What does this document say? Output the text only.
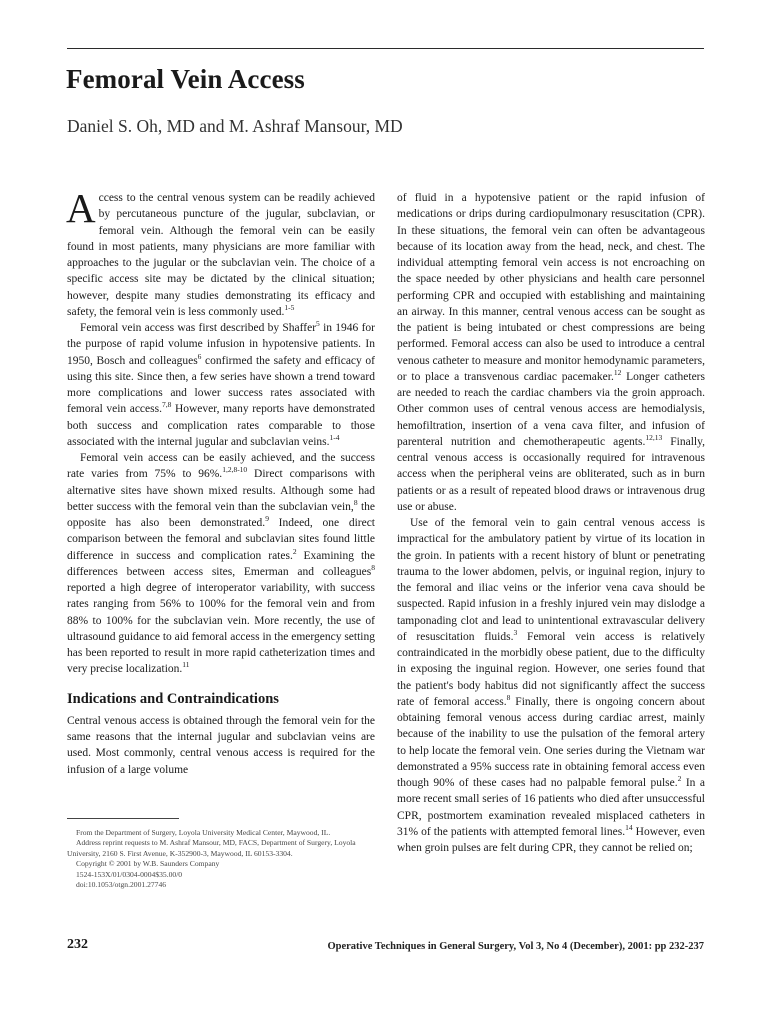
Femoral Vein Access
Daniel S. Oh, MD and M. Ashraf Mansour, MD

Access to the central venous system can be readily achieved by percutaneous puncture of the jugular, subclavian, or femoral vein. Although the femoral vein can be easily found in most patients, many physicians are more familiar with approaches to the jugular or the subclavian vein. The choice of a specific access site may be dictated by the clinical situation; however, despite many studies demonstrating its efficacy and safety, the femoral vein is less commonly used.$^{1-5}$

Femoral vein access was first described by Shaffer$^5$ in 1946 for the purpose of rapid volume infusion in hypotensive patients. In 1950, Bosch and colleagues$^6$ confirmed the safety and efficacy of using this site. Since then, a few series have shown a trend toward more complications and lower success rates associated with femoral vein access.$^{7,8}$ However, many reports have demonstrated both success and complication rates comparable to those associated with the internal jugular and subclavian veins.$^{1-4}$

Femoral vein access can be easily achieved, and the success rate varies from 75% to 96%.$^{1,2,8-10}$ Direct comparisons with alternative sites have shown mixed results. Although some had better success with the femoral vein than the subclavian vein,$^8$ the opposite has also been demonstrated.$^9$ Indeed, one direct comparison between the femoral and subclavian sites found little difference in success and complication rates.$^2$ Examining the differences between access sites, Emerman and colleagues$^8$ reported a high degree of interoperator variability, with success rates ranging from 56% to 100% for the femoral vein and from 88% to 100% for the subclavian vein. More recently, the use of ultrasound guidance to aid femoral access in the emergency setting has been reported to result in more rapid catheterization times and very precise localization.$^{11}$

Indications and Contraindications

Central venous access is obtained through the femoral vein for the same reasons that the internal jugular and subclavian veins are used. Most commonly, central venous access is required for the infusion of a large volume

of fluid in a hypotensive patient or the rapid infusion of medications or drips during cardiopulmonary resuscitation (CPR). In these situations, the femoral vein can often be advantageous because of its location away from the head, neck, and chest. The individual attempting femoral vein access is not encroaching on the space needed by other physicians and health care personnel performing CPR and occupied with establishing and maintaining an airway. In this manner, central venous access can be sought as the patient is being intubated or chest compressions are being performed. Femoral access can also be used to introduce a central venous catheter to measure and monitor hemodynamic parameters, or to place a transvenous cardiac pacemaker.$^{12}$ Longer catheters are needed to reach the cardiac chambers via the groin approach. Other common uses of central venous access are hemodialysis, hemofiltration, insertion of a vena cava filter, and infusion of parenteral nutrition and chemotherapeutic agents.$^{12,13}$ Finally, central venous access is occasionally required for intravenous access when the peripheral veins are obliterated, such as in burn patients or as a result of repeated blood draws or intravenous drug use or abuse.

Use of the femoral vein to gain central venous access is impractical for the ambulatory patient by virtue of its location in the groin. In patients with a recent history of blunt or penetrating trauma to the lower abdomen, pelvis, or inguinal region, injury to the femoral and iliac veins or the inferior vena cava should be suspected. Rapid infusion in a freshly injured vein may dislodge a tamponading clot and lead to unintentional extravascular delivery of resuscitation fluids.$^3$ Femoral vein access is relatively contraindicated in the morbidly obese patient, due to the difficulty in exposing the inguinal region. However, one series found that the patient's body habitus did not significantly affect the success rate of femoral access.$^8$ Finally, there is ongoing concern about obtaining femoral venous access during cardiac arrest, mainly because of the inability to use the pulsation of the femoral artery to help locate the femoral vein. One series during the Vietnam war demonstrated a 95% success rate in obtaining femoral access even though 90% of these cases had no palpable femoral pulse.$^2$ In a more recent small series of 16 patients who died after unsuccessful CPR, postmortem examination revealed misplaced catheters in 31% of the patients with attempted femoral lines.$^{14}$ However, even when groin pulses are felt during CPR, they cannot be relied on;

From the Department of Surgery, Loyola University Medical Center, Maywood, IL.
Address reprint requests to M. Ashraf Mansour, MD, FACS, Department of Surgery, Loyola University, 2160 S. First Avenue, K-352900-3, Maywood, IL 60153-3304.
Copyright © 2001 by W.B. Saunders Company
1524-153X/01/0304-0004$35.00/0
doi:10.1053/otgn.2001.27746
232	Operative Techniques in General Surgery, Vol 3, No 4 (December), 2001: pp 232-237
